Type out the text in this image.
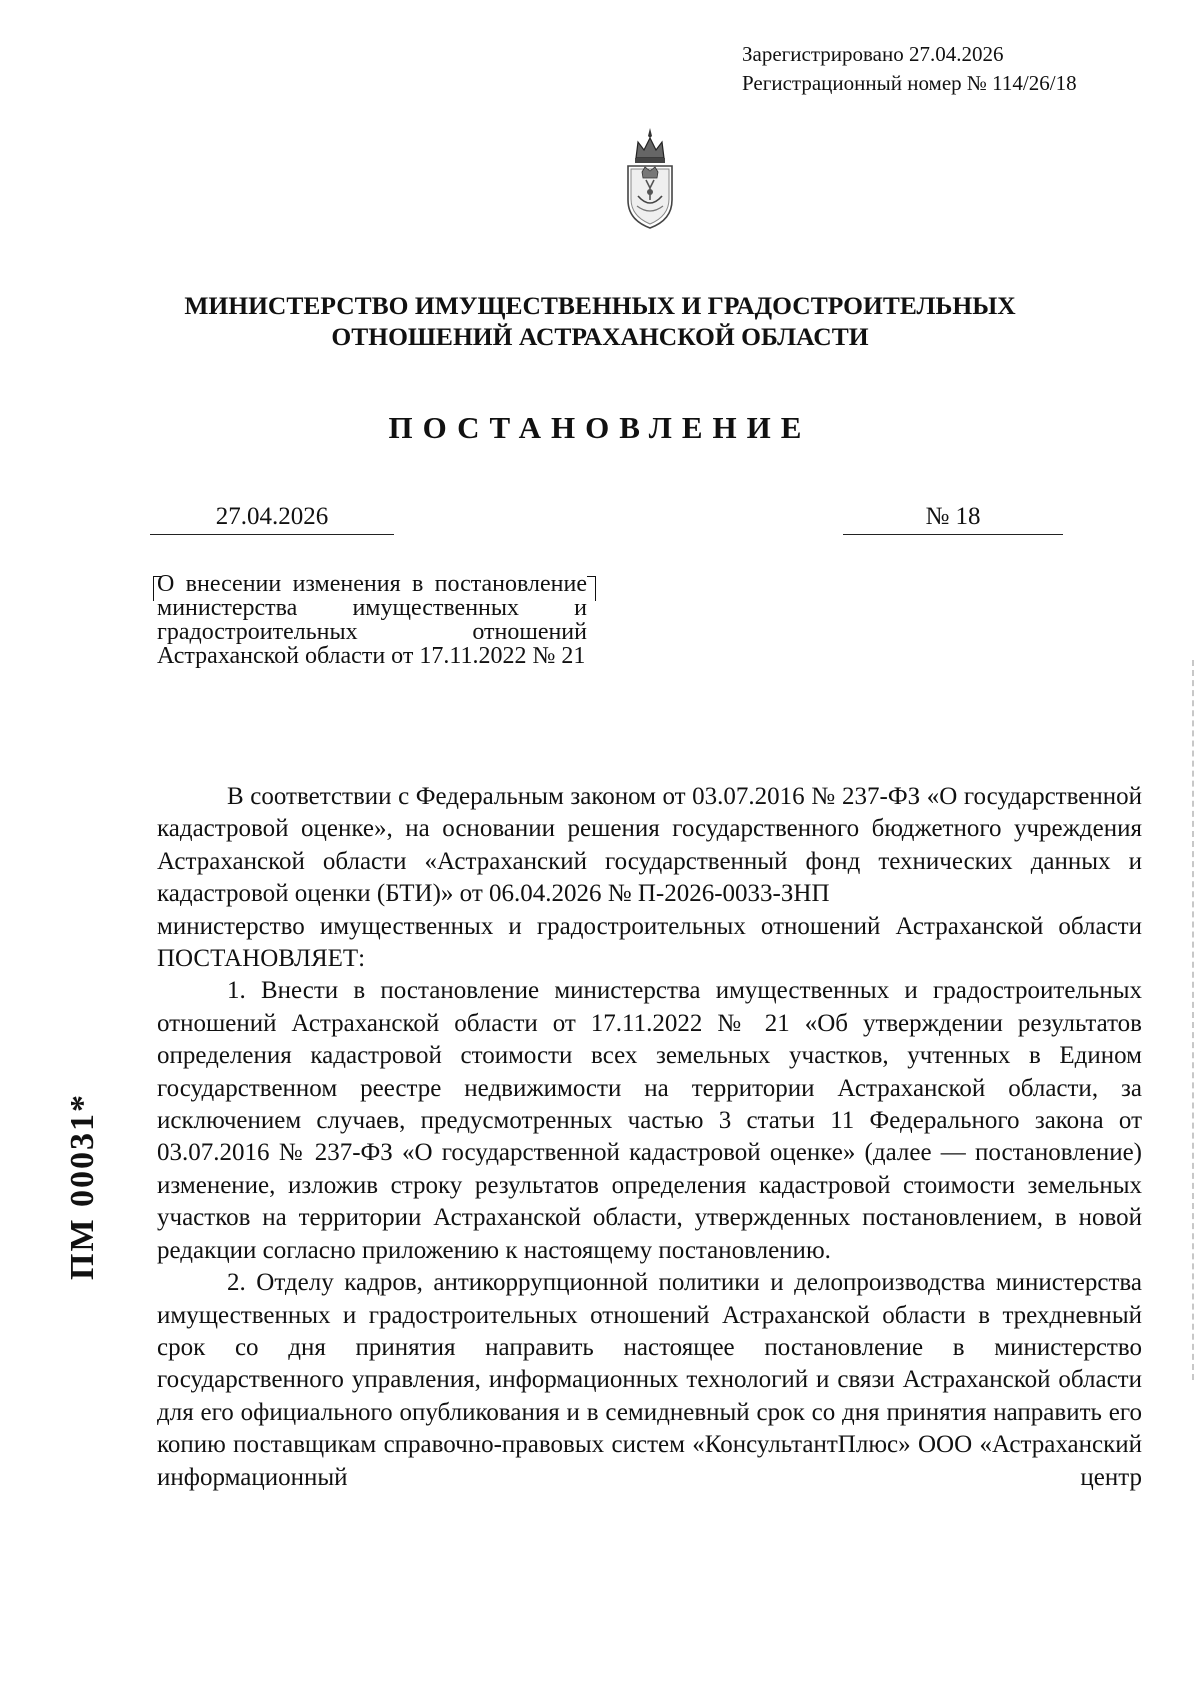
Зарегистрировано 27.04.2026
Регистрационный номер № 114/26/18
МИНИСТЕРСТВО ИМУЩЕСТВЕННЫХ И ГРАДОСТРОИТЕЛЬНЫХ
ОТНОШЕНИЙ АСТРАХАНСКОЙ ОБЛАСТИ
ПОСТАНОВЛЕНИЕ
27.04.2026	№ 18
О внесении изменения в постановление министерства имущественных и градостроительных отношений Астраханской области от 17.11.2022 № 21

В соответствии с Федеральным законом от 03.07.2016 № 237-ФЗ «О государственной кадастровой оценке», на основании решения государственного бюджетного учреждения Астраханской области «Астраханский государственный фонд технических данных и кадастровой оценки (БТИ)» от 06.04.2026 № П-2026-0033-ЗНП

министерство имущественных и градостроительных отношений Астраханской области ПОСТАНОВЛЯЕТ:

1. Внести в постановление министерства имущественных и градостроительных отношений Астраханской области от 17.11.2022 № 21 «Об утверждении результатов определения кадастровой стоимости всех земельных участков, учтенных в Едином государственном реестре недвижимости на территории Астраханской области, за исключением случаев, предусмотренных частью 3 статьи 11 Федерального закона от 03.07.2016 № 237-ФЗ «О государственной кадастровой оценке» (далее — постановление) изменение, изложив строку результатов определения кадастровой стоимости земельных участков на территории Астраханской области, утвержденных постановлением, в новой редакции согласно приложению к настоящему постановлению.

2. Отделу кадров, антикоррупционной политики и делопроизводства министерства имущественных и градостроительных отношений Астраханской области в трехдневный срок со дня принятия направить настоящее постановление в министерство государственного управления, информационных технологий и связи Астраханской области для его официального опубликования и в семидневный срок со дня принятия направить его копию поставщикам справочно-правовых систем «КонсультантПлюс» ООО «Астраханский информационный центр

ПМ 00031*
